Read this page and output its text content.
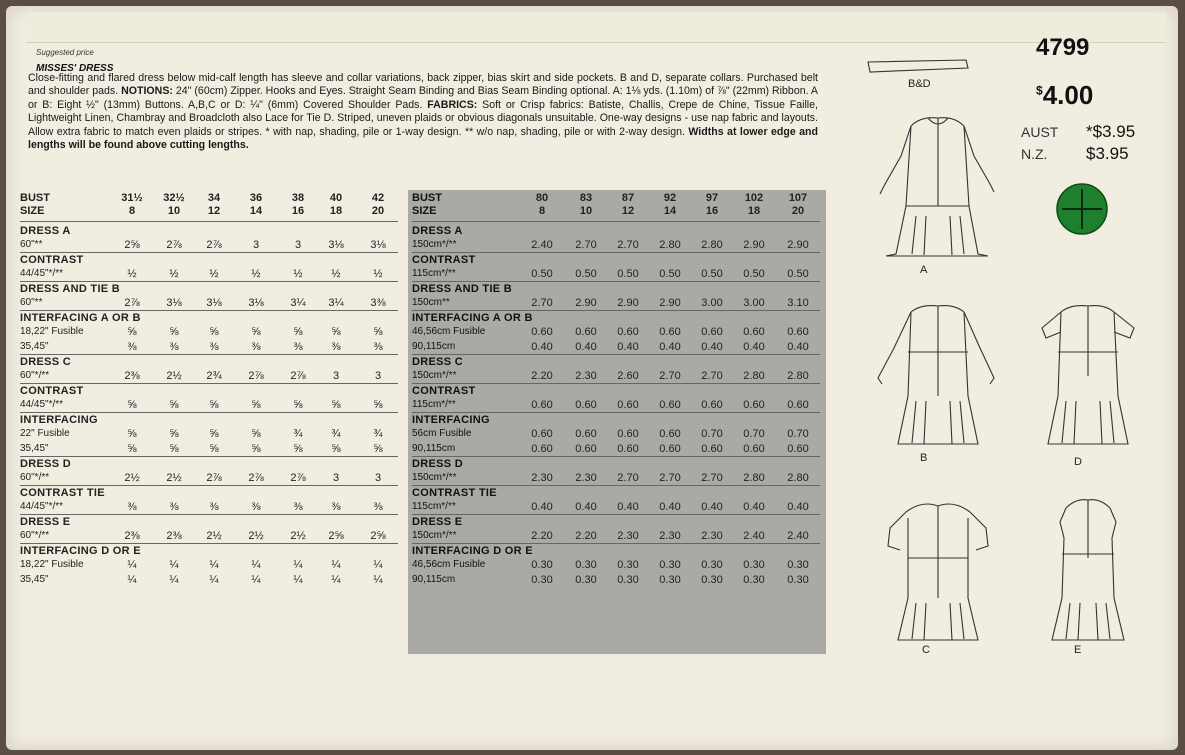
Suggested price
MISSES' DRESS
Close-fitting and flared dress below mid-calf length has sleeve and collar variations, back zipper, bias skirt and side pockets. B and D, separate collars. Purchased belt and shoulder pads. NOTIONS: 24" (60cm) Zipper. Hooks and Eyes. Straight Seam Binding and Bias Seam Binding optional. A: 1⅛ yds. (1.10m) of ⅞" (22mm) Ribbon. A or B: Eight ½" (13mm) Buttons. A,B,C or D: ¼" (6mm) Covered Shoulder Pads. FABRICS: Soft or Crisp fabrics: Batiste, Challis, Crepe de Chine, Tissue Faille, Lightweight Linen, Chambray and Broadcloth also Lace for Tie D. Striped, uneven plaids or obvious diagonals unsuitable. One-way designs - use nap fabric and layouts. Allow extra fabric to match even plaids or stripes. * with nap, shading, pile or 1-way design. ** w/o nap, shading, pile or with 2-way design. Widths at lower edge and lengths will be found above cutting lengths.
4799
$4.00
AUST *$3.95
N.Z. $3.95
BUST	31½	32½	34	36	38	40	42
SIZE	8	10	12	14	16	18	20
DRESS A
60"**	2⅝	2⅞	2⅞	3	3	3⅛	3⅛
CONTRAST
44/45"*/**	½	½	½	½	½	½	½
DRESS AND TIE B
60"**	2⅞	3⅛	3⅛	3⅛	3¼	3¼	3⅜
INTERFACING A OR B
18,22" Fusible	⅝	⅝	⅝	⅝	⅝	⅝	⅝
35,45"	⅜	⅜	⅜	⅜	⅜	⅜	⅜
DRESS C
60"*/**	2⅜	2½	2¾	2⅞	2⅞	3	3
CONTRAST
44/45"*/**	⅝	⅝	⅝	⅝	⅝	⅝	⅝
INTERFACING
22" Fusible	⅝	⅝	⅝	⅝	¾	¾	¾
35,45"	⅝	⅝	⅝	⅝	⅝	⅝	⅝
DRESS D
60"*/**	2½	2½	2⅞	2⅞	2⅞	3	3
CONTRAST TIE
44/45"*/**	⅜	⅜	⅜	⅜	⅜	⅜	⅜
DRESS E
60"*/**	2⅜	2⅜	2½	2½	2½	2⅝	2⅝
INTERFACING D OR E
18,22" Fusible	¼	¼	¼	¼	¼	¼	¼
35,45"	¼	¼	¼	¼	¼	¼	¼
BUST	80	83	87	92	97	102	107
SIZE	8	10	12	14	16	18	20
DRESS A
150cm*/**	2.40	2.70	2.70	2.80	2.80	2.90	2.90
CONTRAST
115cm*/**	0.50	0.50	0.50	0.50	0.50	0.50	0.50
DRESS AND TIE B
150cm**	2.70	2.90	2.90	2.90	3.00	3.00	3.10
INTERFACING A OR B
46,56cm Fusible	0.60	0.60	0.60	0.60	0.60	0.60	0.60
90,115cm	0.40	0.40	0.40	0.40	0.40	0.40	0.40
DRESS C
150cm*/**	2.20	2.30	2.60	2.70	2.70	2.80	2.80
CONTRAST
115cm*/**	0.60	0.60	0.60	0.60	0.60	0.60	0.60
INTERFACING
56cm Fusible	0.60	0.60	0.60	0.60	0.70	0.70	0.70
90,115cm	0.60	0.60	0.60	0.60	0.60	0.60	0.60
DRESS D
150cm*/**	2.30	2.30	2.70	2.70	2.70	2.80	2.80
CONTRAST TIE
115cm*/**	0.40	0.40	0.40	0.40	0.40	0.40	0.40
DRESS E
150cm*/**	2.20	2.20	2.30	2.30	2.30	2.40	2.40
INTERFACING D OR E
46,56cm Fusible	0.30	0.30	0.30	0.30	0.30	0.30	0.30
90,115cm	0.30	0.30	0.30	0.30	0.30	0.30	0.30
B&D
A
B	D
C	E
